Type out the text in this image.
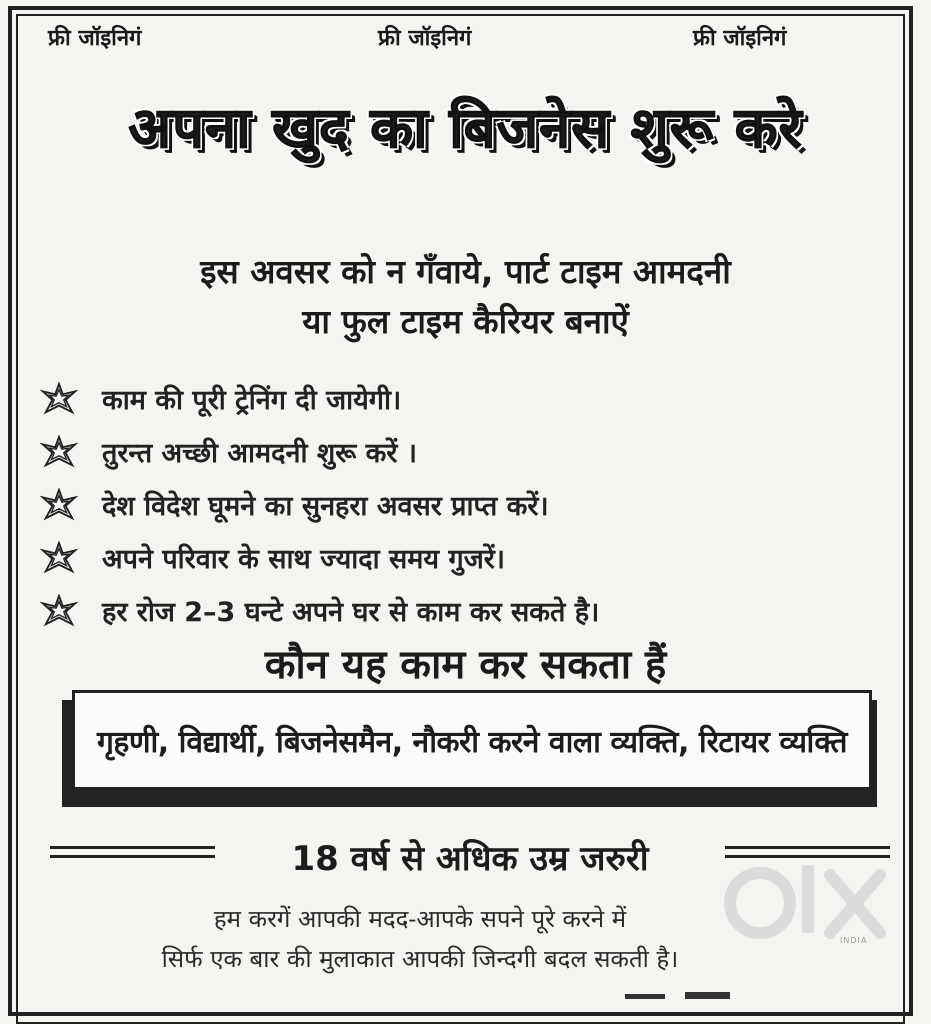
फ्री जॉइनिगं	फ्री जॉइनिगं	फ्री जॉइनिगं
अपना खुद का बिजनेस शुरू करे
इस अवसर को न गँवाये, पार्ट टाइम आमदनी
या फुल टाइम कैरियर बनाऐं
काम की पूरी ट्रेनिंग दी जायेगी।
तुरन्त अच्छी आमदनी शुरू करें ।
देश विदेश घूमने का सुनहरा अवसर प्राप्त करें।
अपने परिवार के साथ ज्यादा समय गुजरें।
हर रोज 2–3 घन्टे अपने घर से काम कर सकते है।
कौन यह काम कर सकता हैं
गृहणी, विद्यार्थी, बिजनेसमैन, नौकरी करने वाला व्यक्ति, रिटायर व्यक्ति
18 वर्ष से अधिक उम्र जरुरी
हम करगें आपकी मदद-आपके सपने पूरे करने में
सिर्फ एक बार की मुलाकात आपकी जिन्दगी बदल सकती है।
INDIA
